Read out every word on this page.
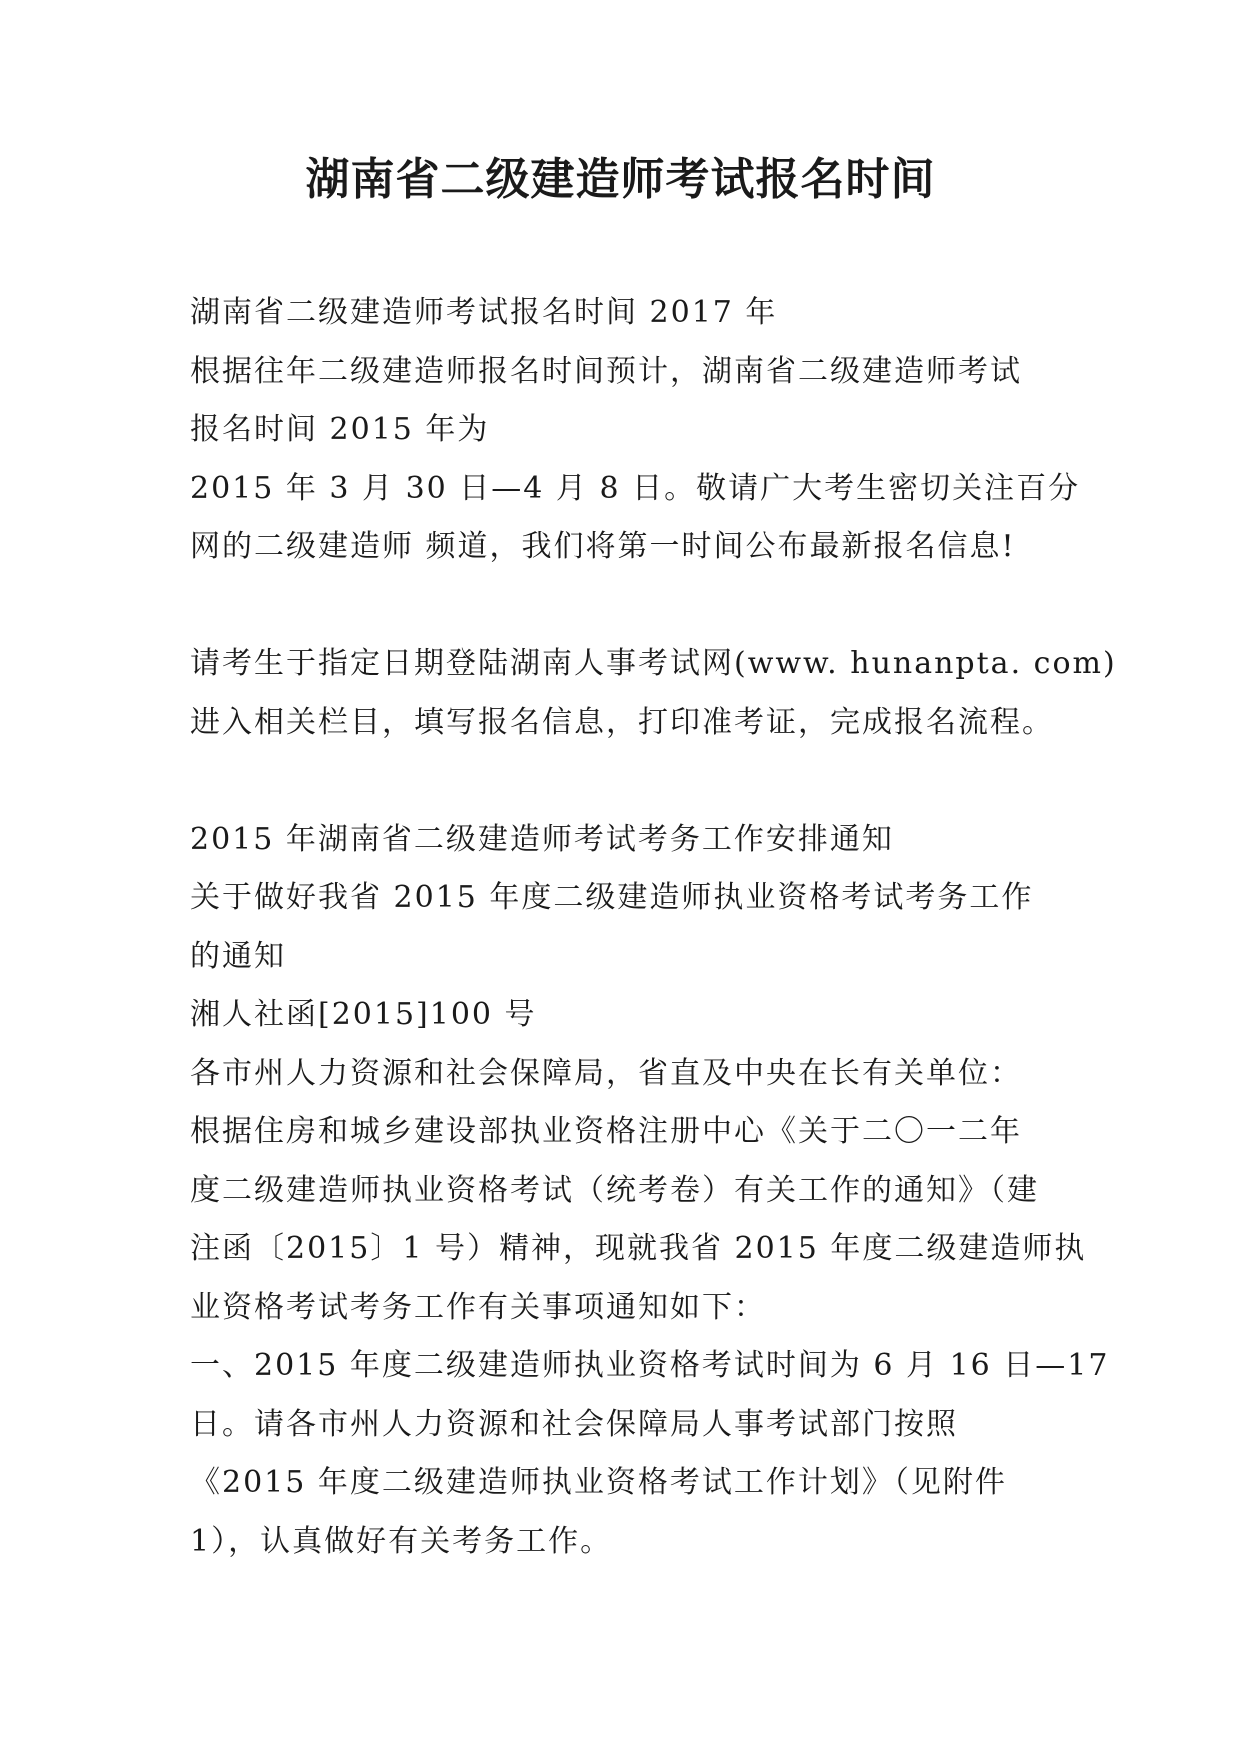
湖南省二级建造师考试报名时间
湖南省二级建造师考试报名时间 2017 年
根据往年二级建造师报名时间预计，湖南省二级建造师考试
报名时间 2015 年为
2015 年 3 月 30 日—4 月 8 日。敬请广大考生密切关注百分
网的二级建造师 频道，我们将第一时间公布最新报名信息!
请考生于指定日期登陆湖南人事考试网(www. hunanpta. com)
进入相关栏目，填写报名信息，打印准考证，完成报名流程。
2015 年湖南省二级建造师考试考务工作安排通知
关于做好我省 2015 年度二级建造师执业资格考试考务工作
的通知
湘人社函[2015]100 号
各市州人力资源和社会保障局，省直及中央在长有关单位：
根据住房和城乡建设部执业资格注册中心《关于二〇一二年
度二级建造师执业资格考试（统考卷）有关工作的通知》（建
注函〔2015〕1 号）精神，现就我省 2015 年度二级建造师执
业资格考试考务工作有关事项通知如下：
一、2015 年度二级建造师执业资格考试时间为 6 月 16 日—17
日。请各市州人力资源和社会保障局人事考试部门按照
《2015 年度二级建造师执业资格考试工作计划》（见附件
1），认真做好有关考务工作。
